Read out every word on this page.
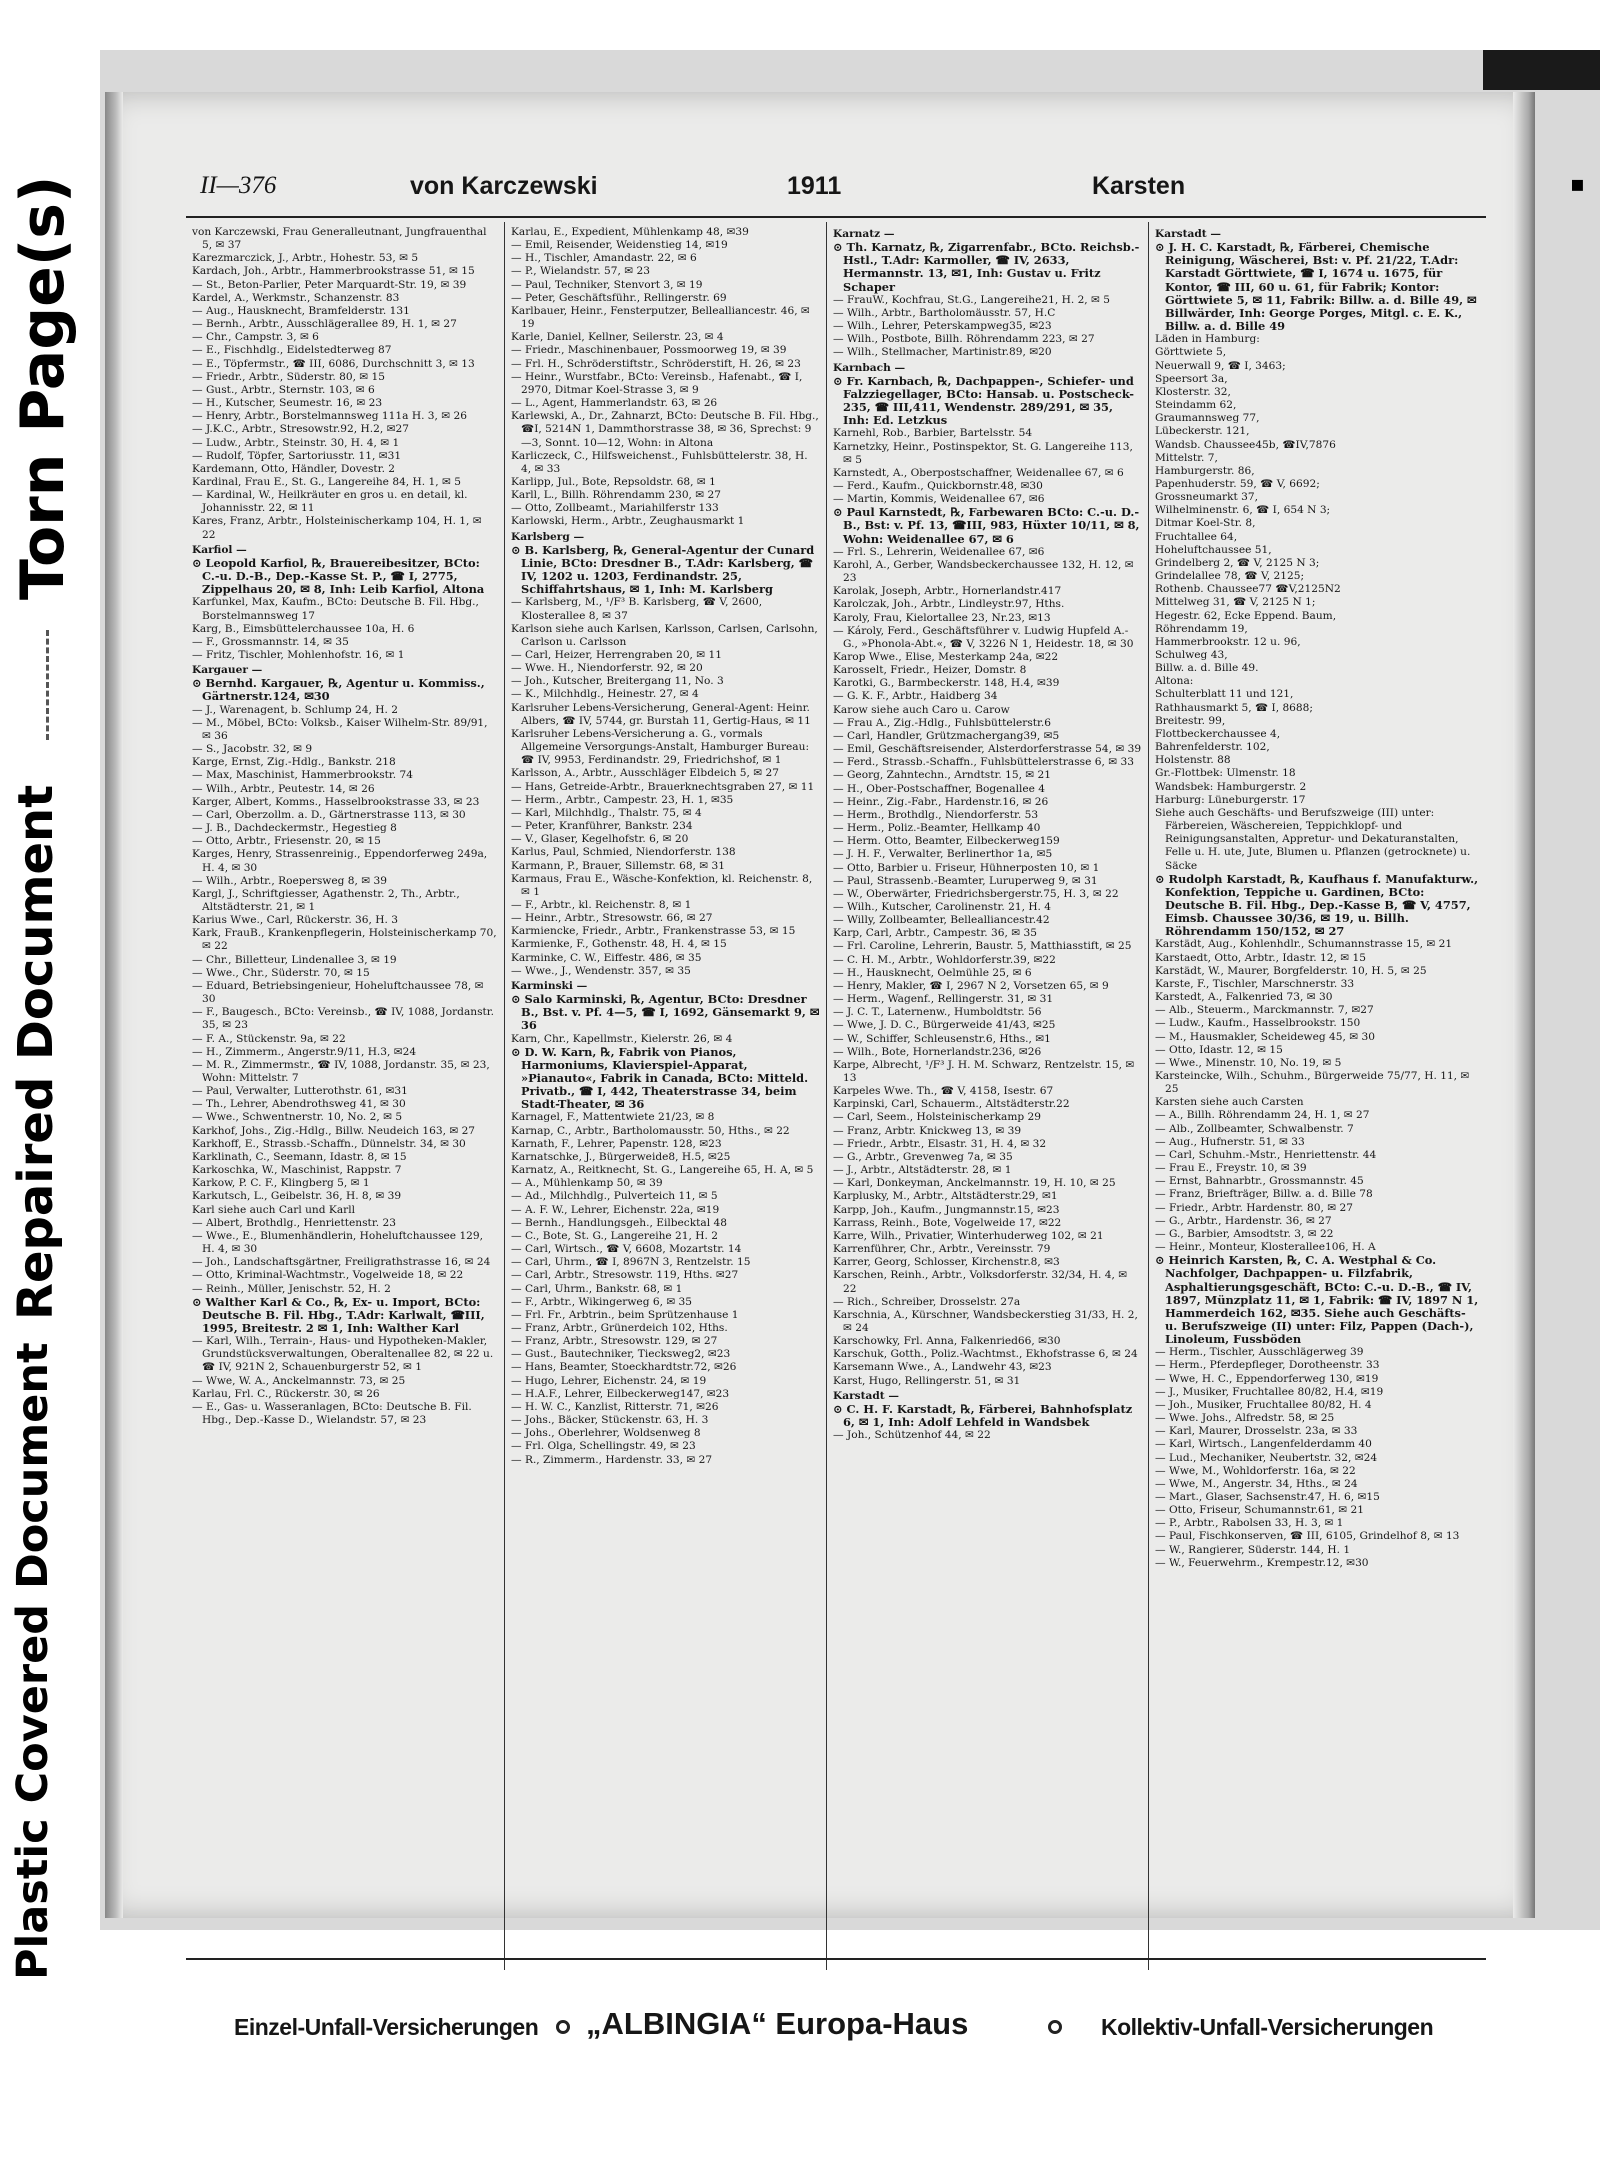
Torn Page(s)
Repaired Document
Plastic Covered Document
II—376	von Karczewski	1911	Karsten

von Karczewski, Frau Generalleutnant, Jungfrauenthal 5, ✉ 37

Karezmarczick, J., Arbtr., Hohestr. 53, ✉ 5

Kardach, Joh., Arbtr., Hammerbrookstrasse 51, ✉ 15

— St., Beton-Parlier, Peter Marquardt-Str. 19, ✉ 39

Kardel, A., Werkmstr., Schanzenstr. 83

— Aug., Hausknecht, Bramfelderstr. 131

— Bernh., Arbtr., Ausschlägerallee 89, H. 1, ✉ 27

— Chr., Campstr. 3, ✉ 6

— E., Fischhdlg., Eidelstedterweg 87

— E., Töpfermstr., ☎ III, 6086, Durchschnitt 3, ✉ 13

— Friedr., Arbtr., Süderstr. 80, ✉ 15

— Gust., Arbtr., Sternstr. 103, ✉ 6

— H., Kutscher, Seumestr. 16, ✉ 23

— Henry, Arbtr., Borstelmannsweg 111a H. 3, ✉ 26

— J.K.C., Arbtr., Stresowstr.92, H.2, ✉27

— Ludw., Arbtr., Steinstr. 30, H. 4, ✉ 1

— Rudolf, Töpfer, Sartoriusstr. 11, ✉31

Kardemann, Otto, Händler, Dovestr. 2

Kardinal, Frau E., St. G., Langereihe 84, H. 1, ✉ 5

— Kardinal, W., Heilkräuter en gros u. en detail, kl. Johannisstr. 22, ✉ 11

Kares, Franz, Arbtr., Holsteinischerkamp 104, H. 1, ✉ 22

Karfiol —

⊙ Leopold Karfiol, ℞, Brauereibesitzer, BCto: C.-u. D.-B., Dep.-Kasse St. P., ☎ I, 2775, Zippelhaus 20, ✉ 8, Inh: Leib Karfiol, Altona

Karfunkel, Max, Kaufm., BCto: Deutsche B. Fil. Hbg., Borstelmannsweg 17

Karg, B., Eimsbüttelerchaussee 10a, H. 6

— F., Grossmannstr. 14, ✉ 35

— Fritz, Tischler, Mohlenhofstr. 16, ✉ 1

Kargauer —

⊙ Bernhd. Kargauer, ℞, Agentur u. Kommiss., Gärtnerstr.124, ✉30

— J., Warenagent, b. Schlump 24, H. 2

— M., Möbel, BCto: Volksb., Kaiser Wilhelm-Str. 89/91, ✉ 36

— S., Jacobstr. 32, ✉ 9

Karge, Ernst, Zig.-Hdlg., Bankstr. 218

— Max, Maschinist, Hammerbrookstr. 74

— Wilh., Arbtr., Peutestr. 14, ✉ 26

Karger, Albert, Komms., Hasselbrookstrasse 33, ✉ 23

— Carl, Oberzollm. a. D., Gärtnerstrasse 113, ✉ 30

— J. B., Dachdeckermstr., Hegestieg 8

— Otto, Arbtr., Friesenstr. 20, ✉ 15

Karges, Henry, Strassenreinig., Eppendorferweg 249a, H. 4, ✉ 30

— Wilh., Arbtr., Roepersweg 8, ✉ 39

Kargl, J., Schriftgiesser, Agathenstr. 2, Th., Arbtr., Altstädterstr. 21, ✉ 1

Karius Wwe., Carl, Rückerstr. 36, H. 3

Kark, FrauB., Krankenpflegerin, Holsteinischerkamp 70, ✉ 22

— Chr., Billetteur, Lindenallee 3, ✉ 19

— Wwe., Chr., Süderstr. 70, ✉ 15

— Eduard, Betriebsingenieur, Hoheluftchaussee 78, ✉ 30

— F., Baugesch., BCto: Vereinsb., ☎ IV, 1088, Jordanstr. 35, ✉ 23

— F. A., Stückenstr. 9a, ✉ 22

— H., Zimmerm., Angerstr.9/11, H.3, ✉24

— M. R., Zimmermstr., ☎ IV, 1088, Jordanstr. 35, ✉ 23, Wohn: Mittelstr. 7

— Paul, Verwalter, Lutterothstr. 61, ✉31

— Th., Lehrer, Abendrothsweg 41, ✉ 30

— Wwe., Schwentnerstr. 10, No. 2, ✉ 5

Karkhof, Johs., Zig.-Hdlg., Billw. Neudeich 163, ✉ 27

Karkhoff, E., Strassb.-Schaffn., Dünnelstr. 34, ✉ 30

Karklinath, C., Seemann, Idastr. 8, ✉ 15

Karkoschka, W., Maschinist, Rappstr. 7

Karkow, P. C. F., Klingberg 5, ✉ 1

Karkutsch, L., Geibelstr. 36, H. 8, ✉ 39

Karl siehe auch Carl und Karll

— Albert, Brothdlg., Henriettenstr. 23

— Wwe., E., Blumenhändlerin, Hoheluftchaussee 129, H. 4, ✉ 30

— Joh., Landschaftsgärtner, Freiligrathstrasse 16, ✉ 24

— Otto, Kriminal-Wachtmstr., Vogelweide 18, ✉ 22

— Reinh., Müller, Jenischstr. 52, H. 2

⊙ Walther Karl & Co., ℞, Ex- u. Import, BCto: Deutsche B. Fil. Hbg., T.Adr: Karlwalt, ☎III, 1995, Breitestr. 2 ✉ 1, Inh: Walther Karl

— Karl, Wilh., Terrain-, Haus- und Hypotheken-Makler, Grundstücksverwaltungen, Oberaltenallee 82, ✉ 22 u. ☎ IV, 921N 2, Schauenburgerstr 52, ✉ 1

— Wwe, W. A., Anckelmannstr. 73, ✉ 25

Karlau, Frl. C., Rückerstr. 30, ✉ 26

— E., Gas- u. Wasseranlagen, BCto: Deutsche B. Fil. Hbg., Dep.-Kasse D., Wielandstr. 57, ✉ 23

Karlau, E., Expedient, Mühlenkamp 48, ✉39

— Emil, Reisender, Weidenstieg 14, ✉19

— H., Tischler, Amandastr. 22, ✉ 6

— P., Wielandstr. 57, ✉ 23

— Paul, Techniker, Stenvort 3, ✉ 19

— Peter, Geschäftsführ., Rellingerstr. 69

Karlbauer, Heinr., Fensterputzer, Bellealliancestr. 46, ✉ 19

Karle, Daniel, Kellner, Seilerstr. 23, ✉ 4

— Friedr., Maschinenbauer, Possmoorweg 19, ✉ 39

— Frl. H., Schröderstiftstr., Schröderstift, H. 26, ✉ 23

— Heinr., Wurstfabr., BCto: Vereinsb., Hafenabt., ☎ I, 2970, Ditmar Koel-Strasse 3, ✉ 9

— L., Agent, Hammerlandstr. 63, ✉ 26

Karlewski, A., Dr., Zahnarzt, BCto: Deutsche B. Fil. Hbg., ☎I, 5214N 1, Dammthorstrasse 38, ✉ 36, Sprechst: 9—3, Sonnt. 10—12, Wohn: in Altona

Karliczeck, C., Hilfsweichenst., Fuhlsbüttelerstr. 38, H. 4, ✉ 33

Karlipp, Jul., Bote, Repsoldstr. 68, ✉ 1

Karll, L., Billh. Röhrendamm 230, ✉ 27

— Otto, Zollbeamt., Mariahilferstr 133

Karlowski, Herm., Arbtr., Zeughausmarkt 1

Karlsberg —

⊙ B. Karlsberg, ℞, General-Agentur der Cunard Linie, BCto: Dresdner B., T.Adr: Karlsberg, ☎ IV, 1202 u. 1203, Ferdinandstr. 25, Schiffahrtshaus, ✉ 1, Inh: M. Karlsberg

— Karlsberg, M., ¹/F³ B. Karlsberg, ☎ V, 2600, Klosterallee 8, ✉ 37

Karlson siehe auch Karlsen, Karlsson, Carlsen, Carlsohn, Carlson u. Carlsson

— Carl, Heizer, Herrengraben 20, ✉ 11

— Wwe. H., Niendorferstr. 92, ✉ 20

— Joh., Kutscher, Breitergang 11, No. 3

— K., Milchhdlg., Heinestr. 27, ✉ 4

Karlsruher Lebens-Versicherung, General-Agent: Heinr. Albers, ☎ IV, 5744, gr. Burstah 11, Gertig-Haus, ✉ 11

Karlsruher Lebens-Versicherung a. G., vormals Allgemeine Versorgungs-Anstalt, Hamburger Bureau: ☎ IV, 9953, Ferdinandstr. 29, Friedrichshof, ✉ 1

Karlsson, A., Arbtr., Ausschläger Elbdeich 5, ✉ 27

— Hans, Getreide-Arbtr., Brauerknechtsgraben 27, ✉ 11

— Herm., Arbtr., Campestr. 23, H. 1, ✉35

— Karl, Milchhdlg., Thalstr. 75, ✉ 4

— Peter, Kranführer, Bankstr. 234

— V., Glaser, Kegelhofstr. 6, ✉ 20

Karlus, Paul, Schmied, Niendorferstr. 138

Karmann, P., Brauer, Sillemstr. 68, ✉ 31

Karmaus, Frau E., Wäsche-Konfektion, kl. Reichenstr. 8, ✉ 1

— F., Arbtr., kl. Reichenstr. 8, ✉ 1

— Heinr., Arbtr., Stresowstr. 66, ✉ 27

Karmiencke, Friedr., Arbtr., Frankenstrasse 53, ✉ 15

Karmienke, F., Gothenstr. 48, H. 4, ✉ 15

Karminke, C. W., Eiffestr. 486, ✉ 35

— Wwe., J., Wendenstr. 357, ✉ 35

Karminski —

⊙ Salo Karminski, ℞, Agentur, BCto: Dresdner B., Bst. v. Pf. 4—5, ☎ I, 1692, Gänsemarkt 9, ✉ 36

Karn, Chr., Kapellmstr., Kielerstr. 26, ✉ 4

⊙ D. W. Karn, ℞, Fabrik von Pianos, Harmoniums, Klavierspiel-Apparat, »Pianauto«, Fabrik in Canada, BCto: Mitteld. Privatb., ☎ I, 442, Theaterstrasse 34, beim Stadt-Theater, ✉ 36

Karnagel, F., Mattentwiete 21/23, ✉ 8

Karnap, C., Arbtr., Bartholomausstr. 50, Hths., ✉ 22

Karnath, F., Lehrer, Papenstr. 128, ✉23

Karnatschke, J., Bürgerweide8, H.5, ✉25

Karnatz, A., Reitknecht, St. G., Langereihe 65, H. A, ✉ 5

— A., Mühlenkamp 50, ✉ 39

— Ad., Milchhdlg., Pulverteich 11, ✉ 5

— A. F. W., Lehrer, Eichenstr. 22a, ✉19

— Bernh., Handlungsgeh., Eilbecktal 48

— C., Bote, St. G., Langereihe 21, H. 2

— Carl, Wirtsch., ☎ V, 6608, Mozartstr. 14

— Carl, Uhrm., ☎ I, 8967N 3, Rentzelstr. 15

— Carl, Arbtr., Stresowstr. 119, Hths. ✉27

— Carl, Uhrm., Bankstr. 68, ✉ 1

— F., Arbtr., Wikingerweg 6, ✉ 35

— Frl. Fr., Arbtrin., beim Sprützenhause 1

— Franz, Arbtr., Grünerdeich 102, Hths.

— Franz, Arbtr., Stresowstr. 129, ✉ 27

— Gust., Bautechniker, Tiecksweg2, ✉23

— Hans, Beamter, Stoeckhardtstr.72, ✉26

— Hugo, Lehrer, Eichenstr. 24, ✉ 19

— H.A.F., Lehrer, Eilbeckerweg147, ✉23

— H. W. C., Kanzlist, Ritterstr. 71, ✉26

— Johs., Bäcker, Stückenstr. 63, H. 3

— Johs., Oberlehrer, Woldsenweg 8

— Frl. Olga, Schellingstr. 49, ✉ 23

— R., Zimmerm., Hardenstr. 33, ✉ 27

Karnatz —

⊙ Th. Karnatz, ℞, Zigarrenfabr., BCto. Reichsb.-Hstl., T.Adr: Karmoller, ☎ IV, 2633, Hermannstr. 13, ✉1, Inh: Gustav u. Fritz Schaper

— FrauW., Kochfrau, St.G., Langereihe21, H. 2, ✉ 5

— Wilh., Arbtr., Bartholomäusstr. 57, H.C

— Wilh., Lehrer, Peterskampweg35, ✉23

— Wilh., Postbote, Billh. Röhrendamm 223, ✉ 27

— Wilh., Stellmacher, Martinistr.89, ✉20

Karnbach —

⊙ Fr. Karnbach, ℞, Dachpappen-, Schiefer- und Falzziegellager, BCto: Hansab. u. Postscheck- 235, ☎ III,411, Wendenstr. 289/291, ✉ 35, Inh: Ed. Letzkus

Karnehl, Rob., Barbier, Bartelsstr. 54

Karnetzky, Heinr., Postinspektor, St. G. Langereihe 113, ✉ 5

Karnstedt, A., Oberpostschaffner, Weidenallee 67, ✉ 6

— Ferd., Kaufm., Quickbornstr.48, ✉30

— Martin, Kommis, Weidenallee 67, ✉6

⊙ Paul Karnstedt, ℞, Farbewaren BCto: C.-u. D.-B., Bst: v. Pf. 13, ☎III, 983, Hüxter 10/11, ✉ 8, Wohn: Weidenallee 67, ✉ 6

— Frl. S., Lehrerin, Weidenallee 67, ✉6

Karohl, A., Gerber, Wandsbeckerchaussee 132, H. 12, ✉ 23

Karolak, Joseph, Arbtr., Hornerlandstr.417

Karolczak, Joh., Arbtr., Lindleystr.97, Hths.

Karoly, Frau, Kielortallee 23, Nr.23, ✉13

— Károly, Ferd., Geschäftsführer v. Ludwig Hupfeld A.-G., »Phonola-Abt.«, ☎ V, 3226 N 1, Heidestr. 18, ✉ 30

Karop Wwe., Elise, Mesterkamp 24a, ✉22

Karosselt, Friedr., Heizer, Domstr. 8

Karotki, G., Barmbeckerstr. 148, H.4, ✉39

— G. K. F., Arbtr., Haidberg 34

Karow siehe auch Caro u. Carow

— Frau A., Zig.-Hdlg., Fuhlsbüttelerstr.6

— Carl, Handler, Grützmachergang39, ✉5

— Emil, Geschäftsreisender, Alsterdorferstrasse 54, ✉ 39

— Ferd., Strassb.-Schaffn., Fuhlsbüttelerstrasse 6, ✉ 33

— Georg, Zahntechn., Arndtstr. 15, ✉ 21

— H., Ober-Postschaffner, Bogenallee 4

— Heinr., Zig.-Fabr., Hardenstr.16, ✉ 26

— Herm., Brothdlg., Niendorferstr. 53

— Herm., Poliz.-Beamter, Hellkamp 40

— Herm. Otto, Beamter, Eilbeckerweg159

— J. H. F., Verwalter, Berlinerthor 1a, ✉5

— Otto, Barbier u. Friseur, Hühnerposten 10, ✉ 1

— Paul, Strassenb.-Beamter, Luruperweg 9, ✉ 31

— W., Oberwärter, Friedrichsbergerstr.75, H. 3, ✉ 22

— Wilh., Kutscher, Carolinenstr. 21, H. 4

— Willy, Zollbeamter, Bellealliancestr.42

Karp, Carl, Arbtr., Campestr. 36, ✉ 35

— Frl. Caroline, Lehrerin, Baustr. 5, Matthiasstift, ✉ 25

— C. H. M., Arbtr., Wohldorferstr.39, ✉22

— H., Hausknecht, Oelmühle 25, ✉ 6

— Henry, Makler, ☎ I, 2967 N 2, Vorsetzen 65, ✉ 9

— Herm., Wagenf., Rellingerstr. 31, ✉ 31

— J. C. T., Laternenw., Humboldtstr. 56

— Wwe, J. D. C., Bürgerweide 41/43, ✉25

— W., Schiffer, Schleusenstr.6, Hths., ✉1

— Wilh., Bote, Hornerlandstr.236, ✉26

Karpe, Albrecht, ¹/F³ J. H. M. Schwarz, Rentzelstr. 15, ✉ 13

Karpeles Wwe. Th., ☎ V, 4158, Isestr. 67

Karpinski, Carl, Schauerm., Altstädterstr.22

— Carl, Seem., Holsteinischerkamp 29

— Franz, Arbtr. Knickweg 13, ✉ 39

— Friedr., Arbtr., Elsastr. 31, H. 4, ✉ 32

— G., Arbtr., Grevenweg 7a, ✉ 35

— J., Arbtr., Altstädterstr. 28, ✉ 1

— Karl, Donkeyman, Anckelmannstr. 19, H. 10, ✉ 25

Karplusky, M., Arbtr., Altstädterstr.29, ✉1

Karpp, Joh., Kaufm., Jungmannstr.15, ✉23

Karrass, Reinh., Bote, Vogelweide 17, ✉22

Karre, Wilh., Privatier, Winterhuderweg 102, ✉ 21

Karrenführer, Chr., Arbtr., Vereinsstr. 79

Karrer, Georg, Schlosser, Kirchenstr.8, ✉3

Karschen, Reinh., Arbtr., Volksdorferstr. 32/34, H. 4, ✉ 22

— Rich., Schreiber, Drosselstr. 27a

Karschnia, A., Kürschner, Wandsbeckerstieg 31/33, H. 2, ✉ 24

Karschowky, Frl. Anna, Falkenried66, ✉30

Karschuk, Gotth., Poliz.-Wachtmst., Ekhofstrasse 6, ✉ 24

Karsemann Wwe., A., Landwehr 43, ✉23

Karst, Hugo, Rellingerstr. 51, ✉ 31

Karstadt —

⊙ C. H. F. Karstadt, ℞, Färberei, Bahnhofsplatz 6, ✉ 1, Inh: Adolf Lehfeld in Wandsbek

— Joh., Schützenhof 44, ✉ 22

Karstadt —

⊙ J. H. C. Karstadt, ℞, Färberei, Chemische Reinigung, Wäscherei, Bst: v. Pf. 21/22, T.Adr: Karstadt Görttwiete, ☎ I, 1674 u. 1675, für Kontor, ☎ III, 60 u. 61, für Fabrik; Kontor: Görttwiete 5, ✉ 11, Fabrik: Billw. a. d. Bille 49, ✉ Billwärder, Inh: George Porges, Mitgl. c. E. K., Billw. a. d. Bille 49

Läden in Hamburg:

Görttwiete 5,

Neuerwall 9, ☎ I, 3463;

Speersort 3a,

Klosterstr. 32,

Steindamm 62,

Graumannsweg 77,

Lübeckerstr. 121,

Wandsb. Chaussee45b, ☎IV,7876

Mittelstr. 7,

Hamburgerstr. 86,

Papenhuderstr. 59, ☎ V, 6692;

Grossneumarkt 37,

Wilhelminenstr. 6, ☎ I, 654 N 3;

Ditmar Koel-Str. 8,

Fruchtallee 64,

Hoheluftchaussee 51,

Grindelberg 2, ☎ V, 2125 N 3;

Grindelallee 78, ☎ V, 2125;

Rothenb. Chaussee77 ☎V,2125N2

Mittelweg 31, ☎ V, 2125 N 1;

Hegestr. 62, Ecke Eppend. Baum,

Röhrendamm 19,

Hammerbrookstr. 12 u. 96,

Schulweg 43,

Billw. a. d. Bille 49.

Altona:

Schulterblatt 11 und 121,

Rathhausmarkt 5, ☎ I, 8688;

Breitestr. 99,

Flottbeckerchaussee 4,

Bahrenfelderstr. 102,

Holstenstr. 88

Gr.-Flottbek: Ulmenstr. 18

Wandsbek: Hamburgerstr. 2

Harburg: Lüneburgerstr. 17

Siehe auch Geschäfts- und Berufszweige (III) unter: Färbereien, Wäschereien, Teppichklopf- und Reinigungsanstalten, Appretur- und Dekaturanstalten, Felle u. H. ute, Jute, Blumen u. Pflanzen (getrocknete) u. Säcke

⊙ Rudolph Karstadt, ℞, Kaufhaus f. Manufakturw., Konfektion, Teppiche u. Gardinen, BCto: Deutsche B. Fil. Hbg., Dep.-Kasse B, ☎ V, 4757, Eimsb. Chaussee 30/36, ✉ 19, u. Billh. Röhrendamm 150/152, ✉ 27

Karstädt, Aug., Kohlenhdlr., Schumannstrasse 15, ✉ 21

Karstaedt, Otto, Arbtr., Idastr. 12, ✉ 15

Karstädt, W., Maurer, Borgfelderstr. 10, H. 5, ✉ 25

Karste, F., Tischler, Marschnerstr. 33

Karstedt, A., Falkenried 73, ✉ 30

— Alb., Steuerm., Marckmannstr. 7, ✉27

— Ludw., Kaufm., Hasselbrookstr. 150

— M., Hausmakler, Scheideweg 45, ✉ 30

— Otto, Idastr. 12, ✉ 15

— Wwe., Minenstr. 10, No. 19, ✉ 5

Karsteincke, Wilh., Schuhm., Bürgerweide 75/77, H. 11, ✉ 25

Karsten siehe auch Carsten

— A., Billh. Röhrendamm 24, H. 1, ✉ 27

— Alb., Zollbeamter, Schwalbenstr. 7

— Aug., Hufnerstr. 51, ✉ 33

— Carl, Schuhm.-Mstr., Henriettenstr. 44

— Frau E., Freystr. 10, ✉ 39

— Ernst, Bahnarbtr., Grossmannstr. 45

— Franz, Briefträger, Billw. a. d. Bille 78

— Friedr., Arbtr. Hardenstr. 80, ✉ 27

— G., Arbtr., Hardenstr. 36, ✉ 27

— G., Barbier, Amsodtstr. 3, ✉ 22

— Heinr., Monteur, Klosterallee106, H. A

⊙ Heinrich Karsten, ℞, C. A. Westphal & Co. Nachfolger, Dachpappen- u. Filzfabrik, Asphaltierungsgeschäft, BCto: C.-u. D.-B., ☎ IV, 1897, Münzplatz 11, ✉ 1, Fabrik: ☎ IV, 1897 N 1, Hammerdeich 162, ✉35. Siehe auch Geschäfts- u. Berufszweige (II) unter: Filz, Pappen (Dach-), Linoleum, Fussböden

— Herm., Tischler, Ausschlägerweg 39

— Herm., Pferdepfleger, Dorotheenstr. 33

— Wwe, H. C., Eppendorferweg 130, ✉19

— J., Musiker, Fruchtallee 80/82, H.4, ✉19

— Joh., Musiker, Fruchtallee 80/82, H. 4

— Wwe. Johs., Alfredstr. 58, ✉ 25

— Karl, Maurer, Drosselstr. 23a, ✉ 33

— Karl, Wirtsch., Langenfelderdamm 40

— Lud., Mechaniker, Neubertstr. 32, ✉24

— Wwe, M., Wohldorferstr. 16a, ✉ 22

— Wwe, M., Angerstr. 34, Hths., ✉ 24

— Mart., Glaser, Sachsenstr.47, H. 6, ✉15

— Otto, Friseur, Schumannstr.61, ✉ 21

— P., Arbtr., Rabolsen 33, H. 3, ✉ 1

— Paul, Fischkonserven, ☎ III, 6105, Grindelhof 8, ✉ 13

— W., Rangierer, Süderstr. 144, H. 1

— W., Feuerwehrm., Krempestr.12, ✉30

Einzel-Unfall-Versicherungen „ALBINGIA“ Europa-Haus	Kollektiv-Unfall-Versicherungen
▪
